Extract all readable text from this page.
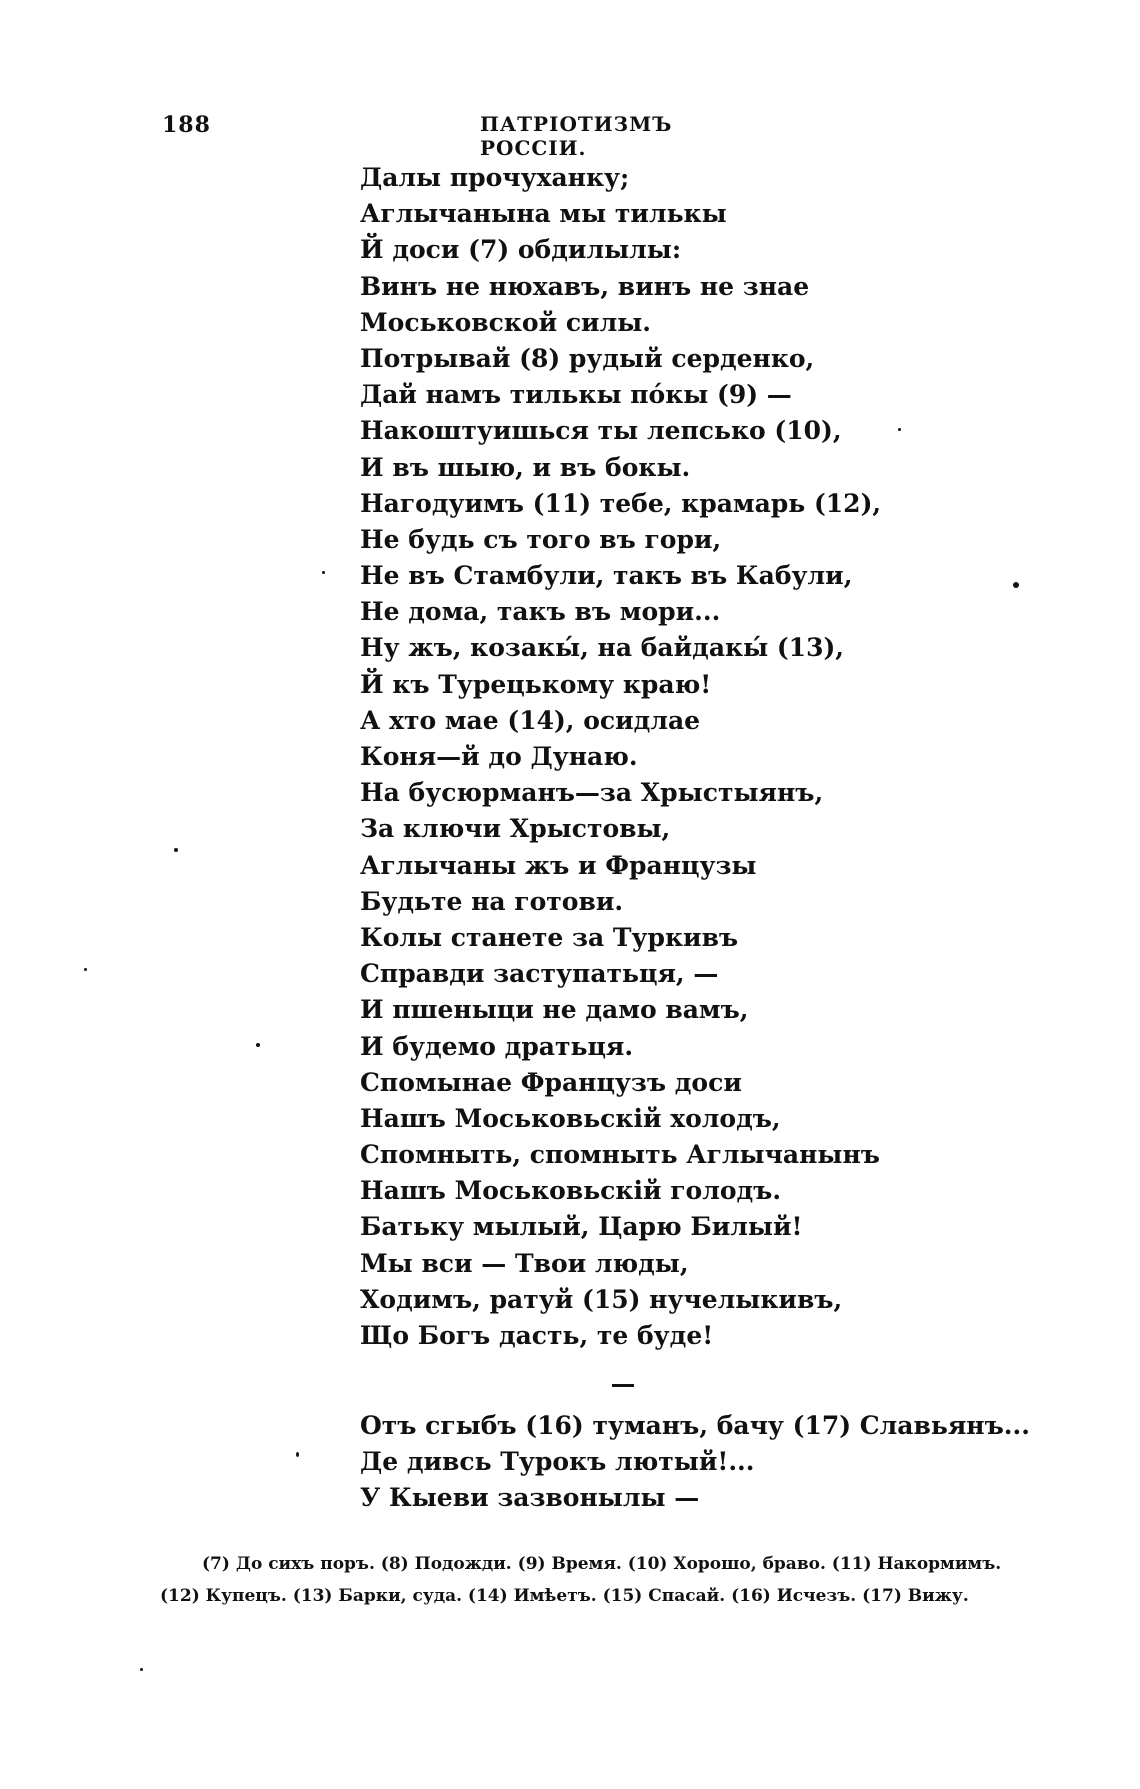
188	ПАТРІОТИЗМЪ РОССІИ.
Далы прочуханку;
Аглычанына мы тилькы
Й доси (7) обдилылы:
Винъ не нюхавъ, винъ не знае
Моськовской силы.
Потрывай (8) рудый серденко,
Дай намъ тилькы пóкы (9) —
Накоштуишься ты лепсько (10),
И въ шыю, и въ бокы.
Нагодуимъ (11) тебе, крамарь (12),
Не будь съ того въ гори,
Не въ Стамбули, такъ въ Кабули,
Не дома, такъ въ мори...
Ну жъ, козакы́, на байдакы́ (13),
Й къ Турецькому краю!
А хто мае (14), осидлае
Коня—й до Дунаю.
На бусюрманъ—за Хрыстыянъ,
За ключи Хрыстовы,
Аглычаны жъ и Французы
Будьте на готови.
Колы станете за Туркивъ
Справди заступатьця, —
И пшеныци не дамо вамъ,
И будемо дратьця.
Спомынае Французъ доси
Нашъ Моськовьскій холодъ,
Спомныть, спомныть Аглычанынъ
Нашъ Моськовьскій голодъ.
Батьку мылый, Царю Билый!
Мы вси — Твои люды,
Ходимъ, ратуй (15) нучелыкивъ,
Що Богъ дасть, те буде!
Отъ сгыбъ (16) туманъ, бачу (17) Славьянъ...
Де дивсь Турокъ лютый!...
У Кыеви зазвонылы —
(7) До сихъ поръ. (8) Подожди. (9) Время. (10) Хорошо, браво. (11) Накормимъ.
(12) Купецъ. (13) Барки, суда. (14) Имѣетъ. (15) Спасай. (16) Исчезъ. (17) Вижу.
